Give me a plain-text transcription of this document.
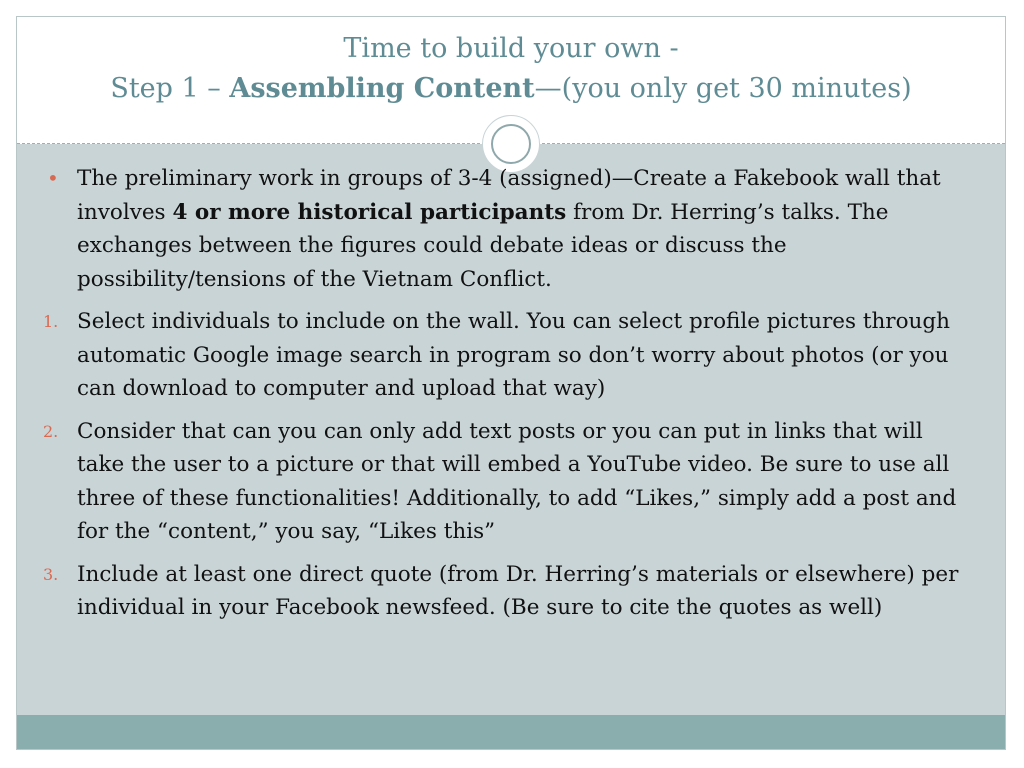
Time to build your own -
Step 1 – Assembling Content—(you only get 30 minutes)
• The preliminary work in groups of 3-4 (assigned)—Create a Fakebook wall that involves 4 or more historical participants from Dr. Herring’s talks. The exchanges between the figures could debate ideas or discuss the possibility/tensions of the Vietnam Conflict.
1. Select individuals to include on the wall. You can select profile pictures through automatic Google image search in program so don’t worry about photos (or you can download to computer and upload that way)
2. Consider that can you can only add text posts or you can put in links that will take the user to a picture or that will embed a YouTube video. Be sure to use all three of these functionalities! Additionally, to add “Likes,” simply add a post and for the “content,” you say, “Likes this”
3. Include at least one direct quote (from Dr. Herring’s materials or elsewhere) per individual in your Facebook newsfeed. (Be sure to cite the quotes as well)
